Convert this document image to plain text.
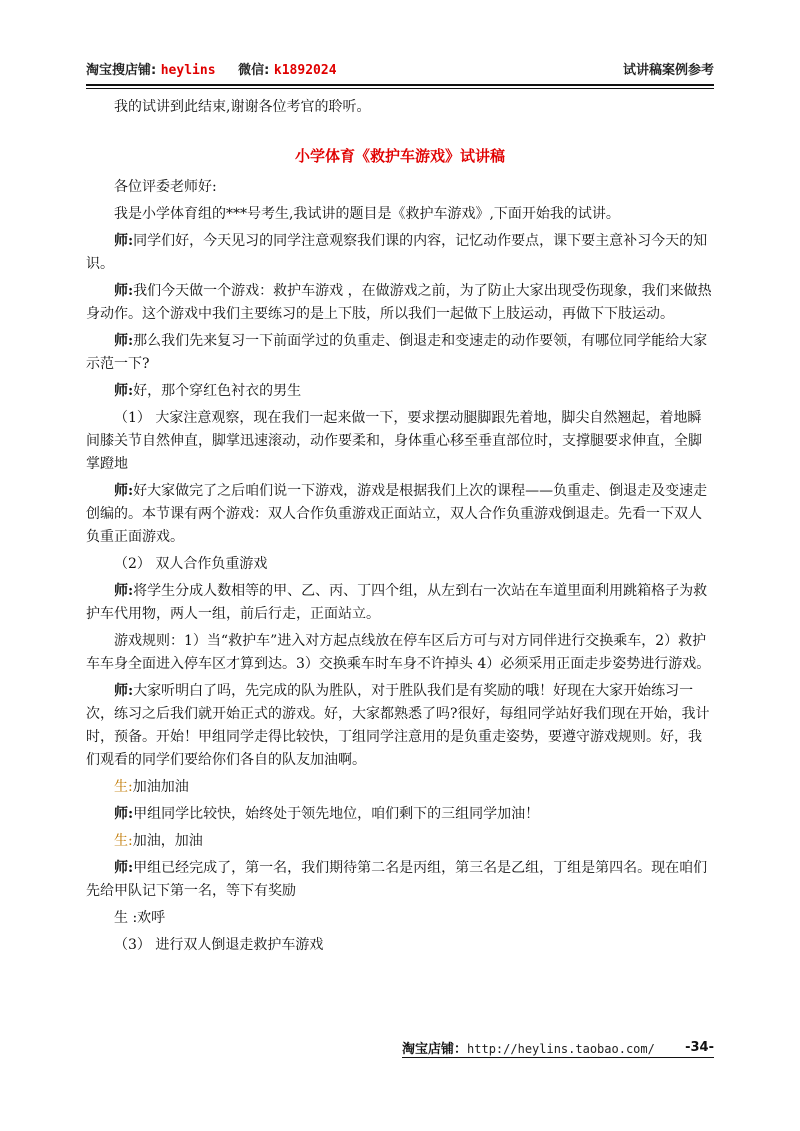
淘宝搜店铺: heylins 微信: k1892024	试讲稿案例参考

我的试讲到此结束,谢谢各位考官的聆听。

小学体育《救护车游戏》试讲稿

各位评委老师好:

我是小学体育组的***号考生,我试讲的题目是《救护车游戏》,下面开始我的试讲。

师:同学们好，今天见习的同学注意观察我们课的内容，记忆动作要点，课下要主意补习今天的知识。

师:我们今天做一个游戏：救护车游戏 ，在做游戏之前，为了防止大家出现受伤现象，我们来做热身动作。这个游戏中我们主要练习的是上下肢，所以我们一起做下上肢运动，再做下下肢运动。

师:那么我们先来复习一下前面学过的负重走、倒退走和变速走的动作要领，有哪位同学能给大家示范一下?

师:好，那个穿红色衬衣的男生

（1） 大家注意观察，现在我们一起来做一下，要求摆动腿脚跟先着地，脚尖自然翘起，着地瞬间膝关节自然伸直，脚掌迅速滚动，动作要柔和，身体重心移至垂直部位时，支撑腿要求伸直，全脚掌蹬地

师:好大家做完了之后咱们说一下游戏，游戏是根据我们上次的课程——负重走、倒退走及变速走创编的。本节课有两个游戏：双人合作负重游戏正面站立，双人合作负重游戏倒退走。先看一下双人负重正面游戏。

（2） 双人合作负重游戏

师:将学生分成人数相等的甲、乙、丙、丁四个组，从左到右一次站在车道里面利用跳箱格子为救护车代用物，两人一组，前后行走，正面站立。

游戏规则：1）当“救护车”进入对方起点线放在停车区后方可与对方同伴进行交换乘车，2）救护车车身全面进入停车区才算到达。3）交换乘车时车身不许掉头 4）必须采用正面走步姿势进行游戏。

师:大家听明白了吗，先完成的队为胜队，对于胜队我们是有奖励的哦！好现在大家开始练习一次，练习之后我们就开始正式的游戏。好，大家都熟悉了吗?很好，每组同学站好我们现在开始，我计时，预备。开始！甲组同学走得比较快，丁组同学注意用的是负重走姿势，要遵守游戏规则。好，我们观看的同学们要给你们各自的队友加油啊。

生:加油加油

师:甲组同学比较快，始终处于领先地位，咱们剩下的三组同学加油！

生:加油，加油

师:甲组已经完成了，第一名，我们期待第二名是丙组，第三名是乙组，丁组是第四名。现在咱们先给甲队记下第一名，等下有奖励

生 :欢呼

（3） 进行双人倒退走救护车游戏

淘宝店铺：http://heylins.taobao.com/ -34-
